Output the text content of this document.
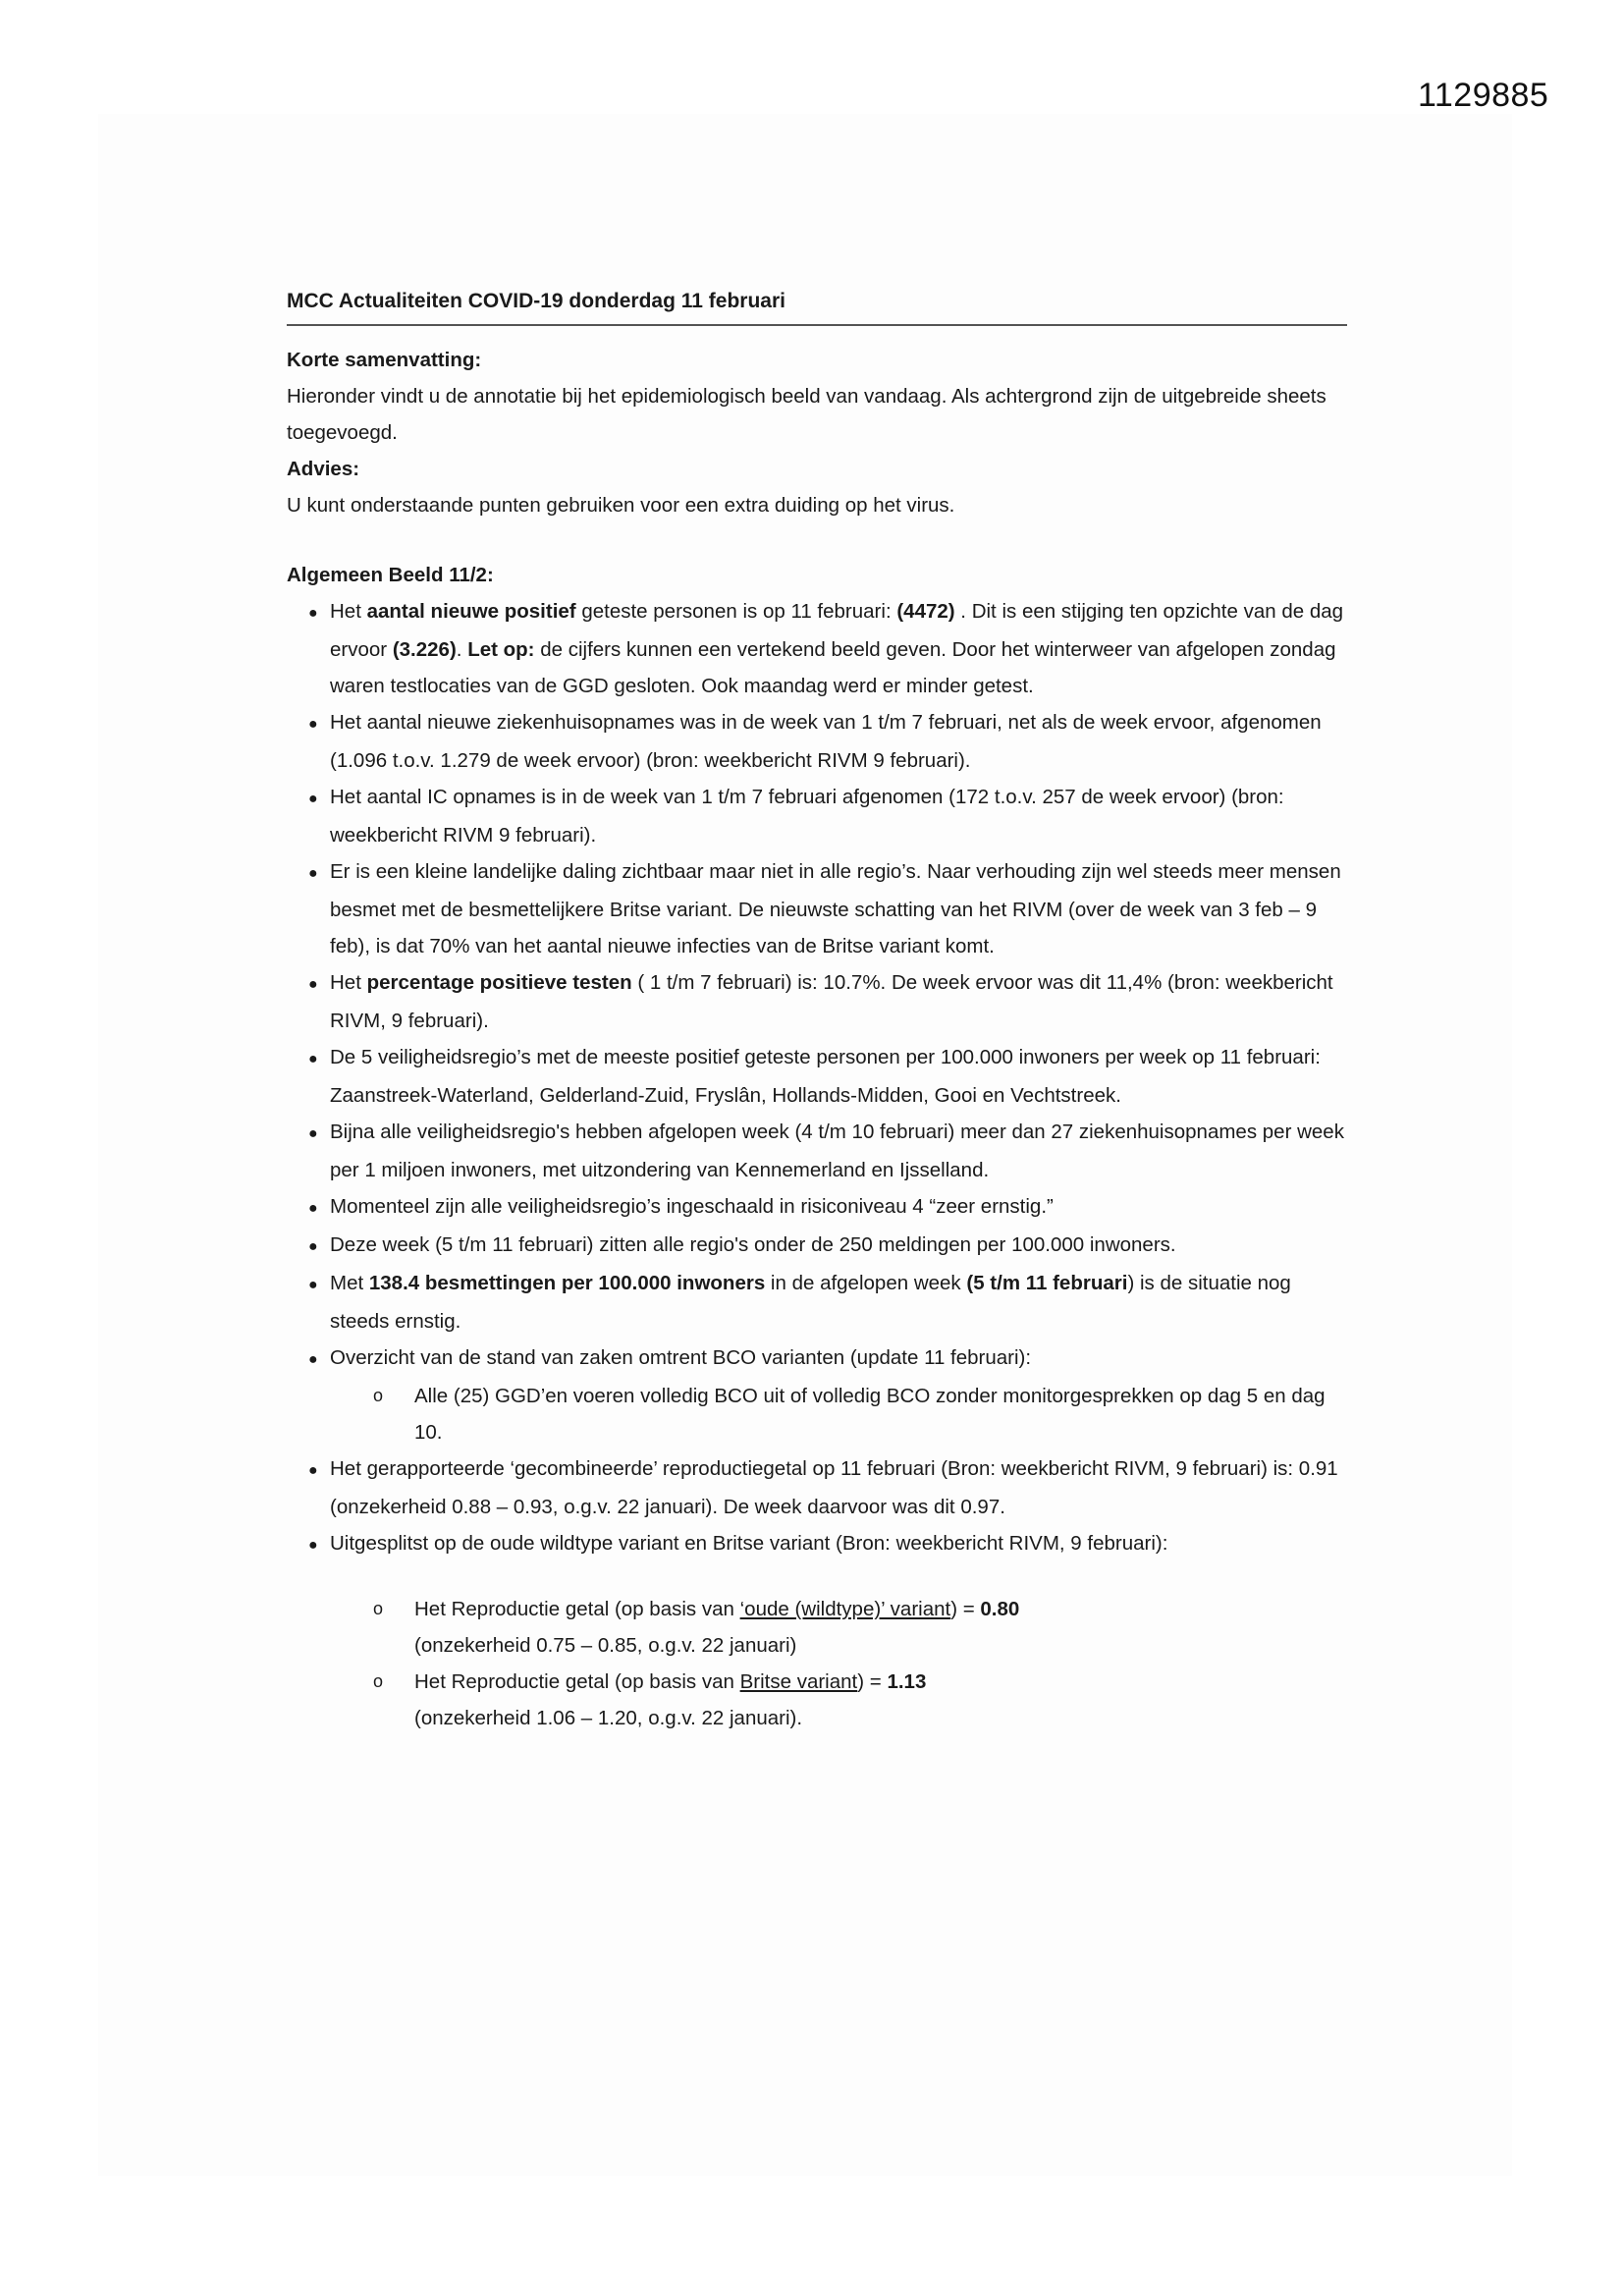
1129885
MCC Actualiteiten COVID-19 donderdag 11 februari

Korte samenvatting:

Hieronder vindt u de annotatie bij het epidemiologisch beeld van vandaag. Als achtergrond zijn de uitgebreide sheets toegevoegd.

Advies:

U kunt onderstaande punten gebruiken voor een extra duiding op het virus.

Algemeen Beeld 11/2:

● Het aantal nieuwe positief geteste personen is op 11 februari: (4472) . Dit is een stijging ten opzichte van de dag ervoor (3.226). Let op: de cijfers kunnen een vertekend beeld geven. Door het winterweer van afgelopen zondag waren testlocaties van de GGD gesloten. Ook maandag werd er minder getest.
● Het aantal nieuwe ziekenhuisopnames was in de week van 1 t/m 7 februari, net als de week ervoor, afgenomen (1.096 t.o.v. 1.279 de week ervoor) (bron: weekbericht RIVM 9 februari).
● Het aantal IC opnames is in de week van 1 t/m 7 februari afgenomen (172 t.o.v. 257 de week ervoor) (bron: weekbericht RIVM 9 februari).
● Er is een kleine landelijke daling zichtbaar maar niet in alle regio’s. Naar verhouding zijn wel steeds meer mensen besmet met de besmettelijkere Britse variant. De nieuwste schatting van het RIVM (over de week van 3 feb – 9 feb), is dat 70% van het aantal nieuwe infecties van de Britse variant komt.
● Het percentage positieve testen ( 1 t/m 7 februari) is: 10.7%. De week ervoor was dit 11,4% (bron: weekbericht RIVM, 9 februari).
● De 5 veiligheidsregio’s met de meeste positief geteste personen per 100.000 inwoners per week op 11 februari: Zaanstreek-Waterland, Gelderland-Zuid, Fryslân, Hollands-Midden, Gooi en Vechtstreek.
● Bijna alle veiligheidsregio's hebben afgelopen week (4 t/m 10 februari) meer dan 27 ziekenhuisopnames per week per 1 miljoen inwoners, met uitzondering van Kennemerland en Ijsselland.
● Momenteel zijn alle veiligheidsregio’s ingeschaald in risiconiveau 4 “zeer ernstig.”
● Deze week (5 t/m 11 februari) zitten alle regio's onder de 250 meldingen per 100.000 inwoners.
● Met 138.4 besmettingen per 100.000 inwoners in de afgelopen week (5 t/m 11 februari) is de situatie nog steeds ernstig.
● Overzicht van de stand van zaken omtrent BCO varianten (update 11 februari):
o Alle (25) GGD’en voeren volledig BCO uit of volledig BCO zonder monitorgesprekken op dag 5 en dag 10.
● Het gerapporteerde ‘gecombineerde’ reproductiegetal op 11 februari (Bron: weekbericht RIVM, 9 februari) is: 0.91 (onzekerheid 0.88 – 0.93, o.g.v. 22 januari). De week daarvoor was dit 0.97.
● Uitgesplitst op de oude wildtype variant en Britse variant (Bron: weekbericht RIVM, 9 februari):
o Het Reproductie getal (op basis van ‘oude (wildtype)’ variant) = 0.80
(onzekerheid 0.75 – 0.85, o.g.v. 22 januari)
o Het Reproductie getal (op basis van Britse variant) = 1.13
(onzekerheid 1.06 – 1.20, o.g.v. 22 januari).
